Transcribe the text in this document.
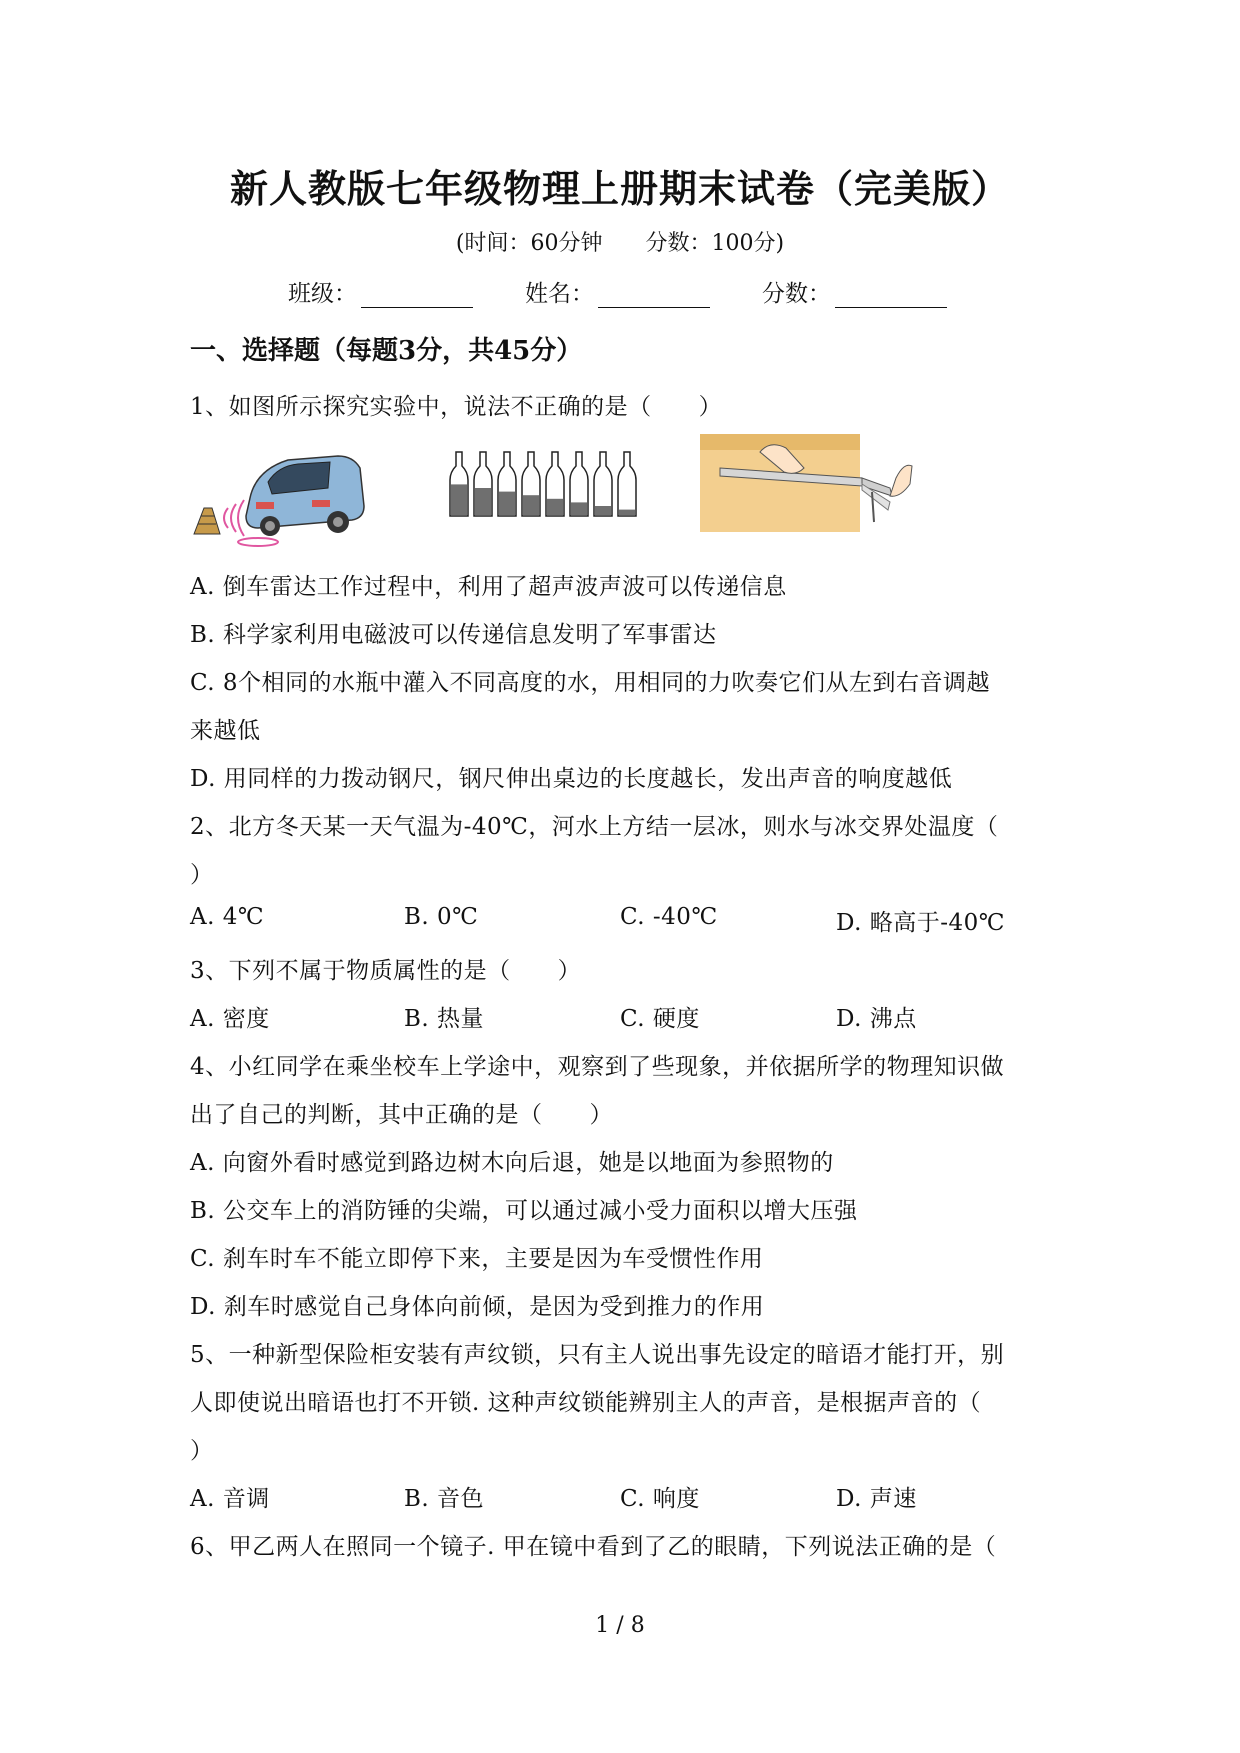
新人教版七年级物理上册期末试卷（完美版）
(时间：60分钟 分数：100分)
班级：	姓名：	分数：
一、选择题（每题3分，共45分）
1、如图所示探究实验中，说法不正确的是（　　）
A. 倒车雷达工作过程中，利用了超声波声波可以传递信息
B. 科学家利用电磁波可以传递信息发明了军事雷达
C. 8个相同的水瓶中灌入不同高度的水，用相同的力吹奏它们从左到右音调越
来越低
D. 用同样的力拨动钢尺，钢尺伸出桌边的长度越长，发出声音的响度越低
2、北方冬天某一天气温为-40℃，河水上方结一层冰，则水与冰交界处温度（
）
A. 4℃	B. 0℃	C. -40℃	D. 略高于-40℃
3、下列不属于物质属性的是（　　）
A. 密度	B. 热量	C. 硬度	D. 沸点
4、小红同学在乘坐校车上学途中，观察到了些现象，并依据所学的物理知识做
出了自己的判断，其中正确的是（　　）
A. 向窗外看时感觉到路边树木向后退，她是以地面为参照物的
B. 公交车上的消防锤的尖端，可以通过减小受力面积以增大压强
C. 刹车时车不能立即停下来，主要是因为车受惯性作用
D. 刹车时感觉自己身体向前倾，是因为受到推力的作用
5、一种新型保险柜安装有声纹锁，只有主人说出事先设定的暗语才能打开，别
人即使说出暗语也打不开锁. 这种声纹锁能辨别主人的声音，是根据声音的（
）
A. 音调	B. 音色	C. 响度	D. 声速
6、甲乙两人在照同一个镜子. 甲在镜中看到了乙的眼睛，下列说法正确的是（
1 / 8
